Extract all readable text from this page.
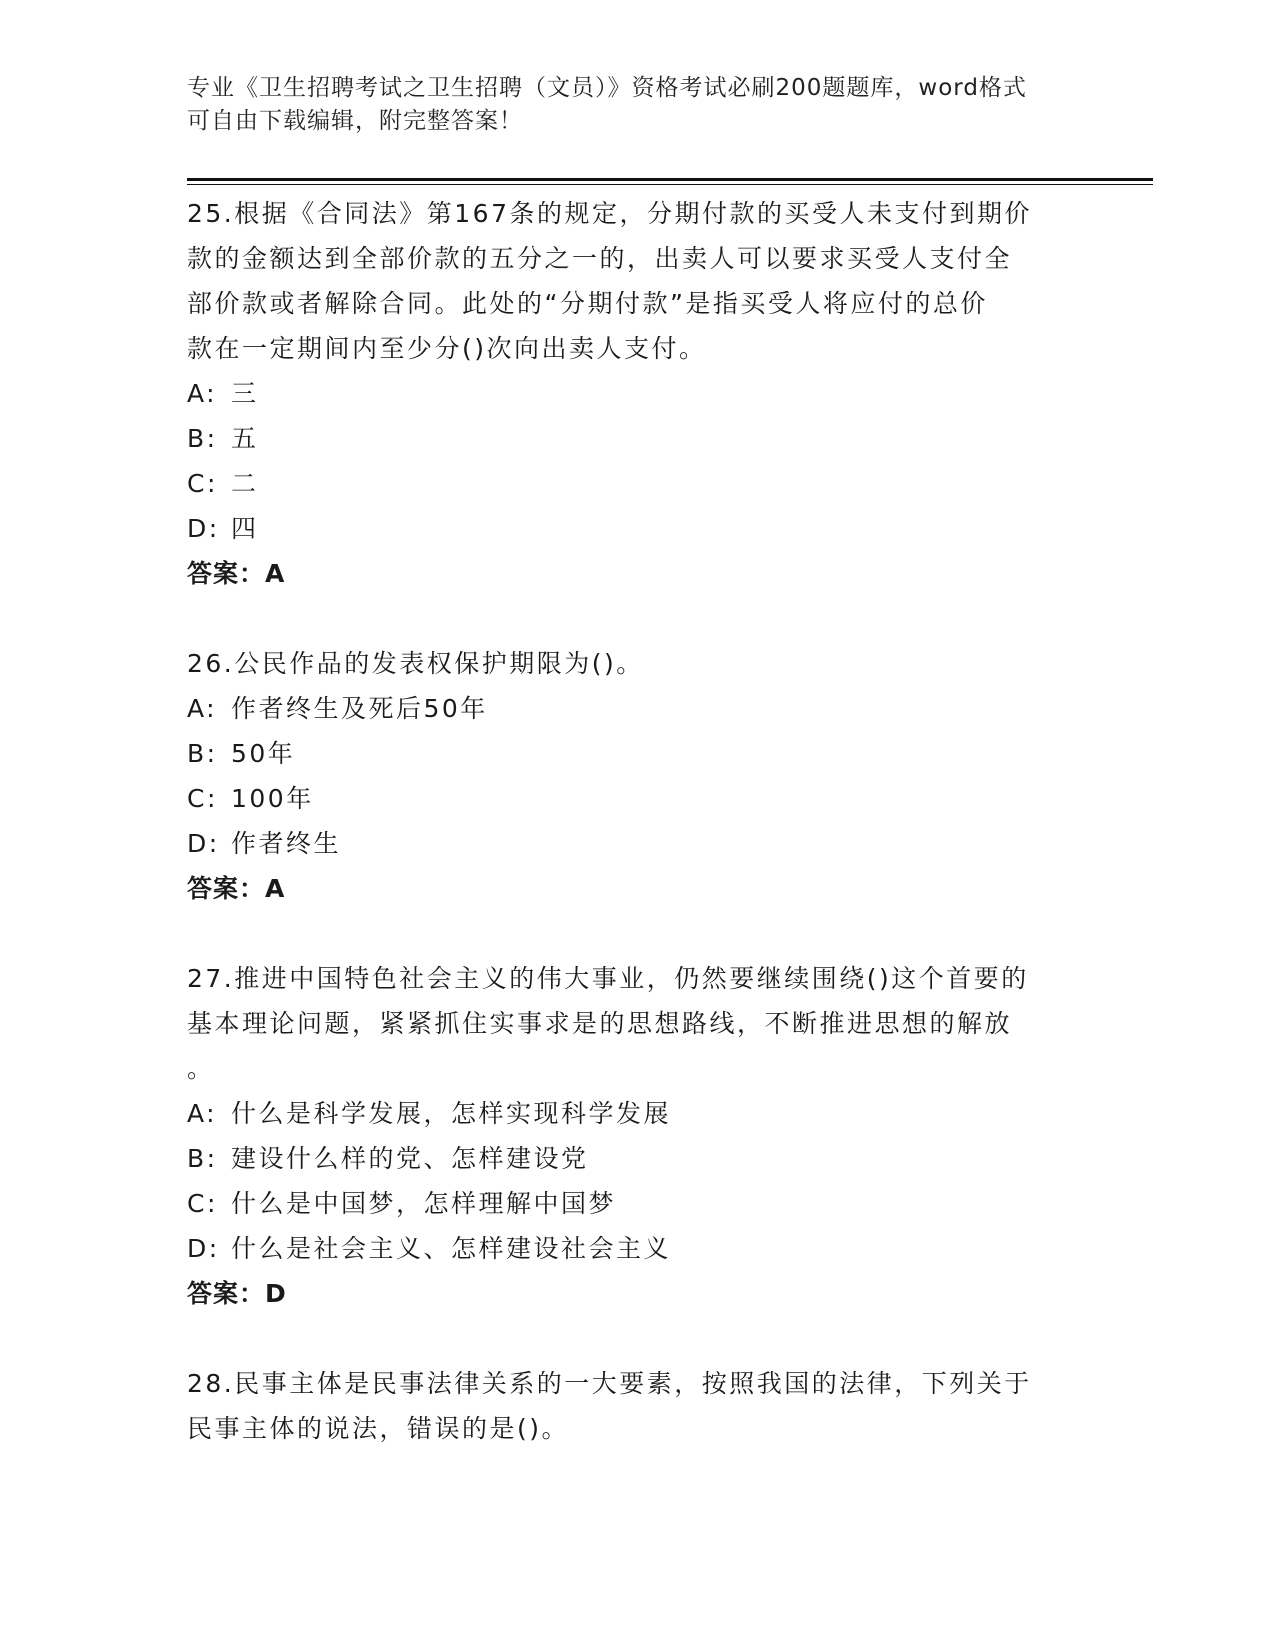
专业《卫生招聘考试之卫生招聘（文员）》资格考试必刷200题题库，word格式
可自由下载编辑，附完整答案！
25.根据《合同法》第167条的规定，分期付款的买受人未支付到期价
款的金额达到全部价款的五分之一的，出卖人可以要求买受人支付全
部价款或者解除合同。此处的“分期付款”是指买受人将应付的总价
款在一定期间内至少分()次向出卖人支付。
A: 三
B: 五
C: 二
D: 四
答案：A
26.公民作品的发表权保护期限为()。
A: 作者终生及死后50年
B: 50年
C: 100年
D: 作者终生
答案：A
27.推进中国特色社会主义的伟大事业，仍然要继续围绕()这个首要的
基本理论问题，紧紧抓住实事求是的思想路线，不断推进思想的解放
。
A: 什么是科学发展，怎样实现科学发展
B: 建设什么样的党、怎样建设党
C: 什么是中国梦，怎样理解中国梦
D: 什么是社会主义、怎样建设社会主义
答案：D
28.民事主体是民事法律关系的一大要素，按照我国的法律，下列关于
民事主体的说法，错误的是()。
